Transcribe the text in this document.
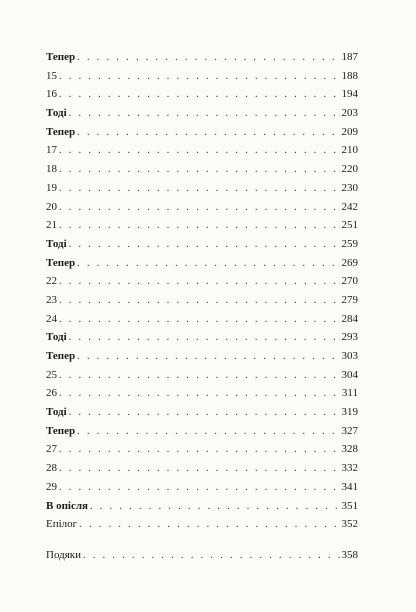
Тепер . . .	187
15 . . .	188
16 . . .	194
Тоді . . .	203
Тепер . . .	209
17 . . .	210
18 . . .	220
19 . . .	230
20 . . .	242
21 . . .	251
Тоді . . .	259
Тепер . . .	269
22 . . .	270
23 . . .	279
24 . . .	284
Тоді . . .	293
Тепер . . .	303
25 . . .	304
26 . . .	311
Тоді . . .	319
Тепер . . .	327
27 . . .	328
28 . . .	332
29 . . .	341
В опісля . . .	351
Епілог . . .	352
Подяки . . .	358
